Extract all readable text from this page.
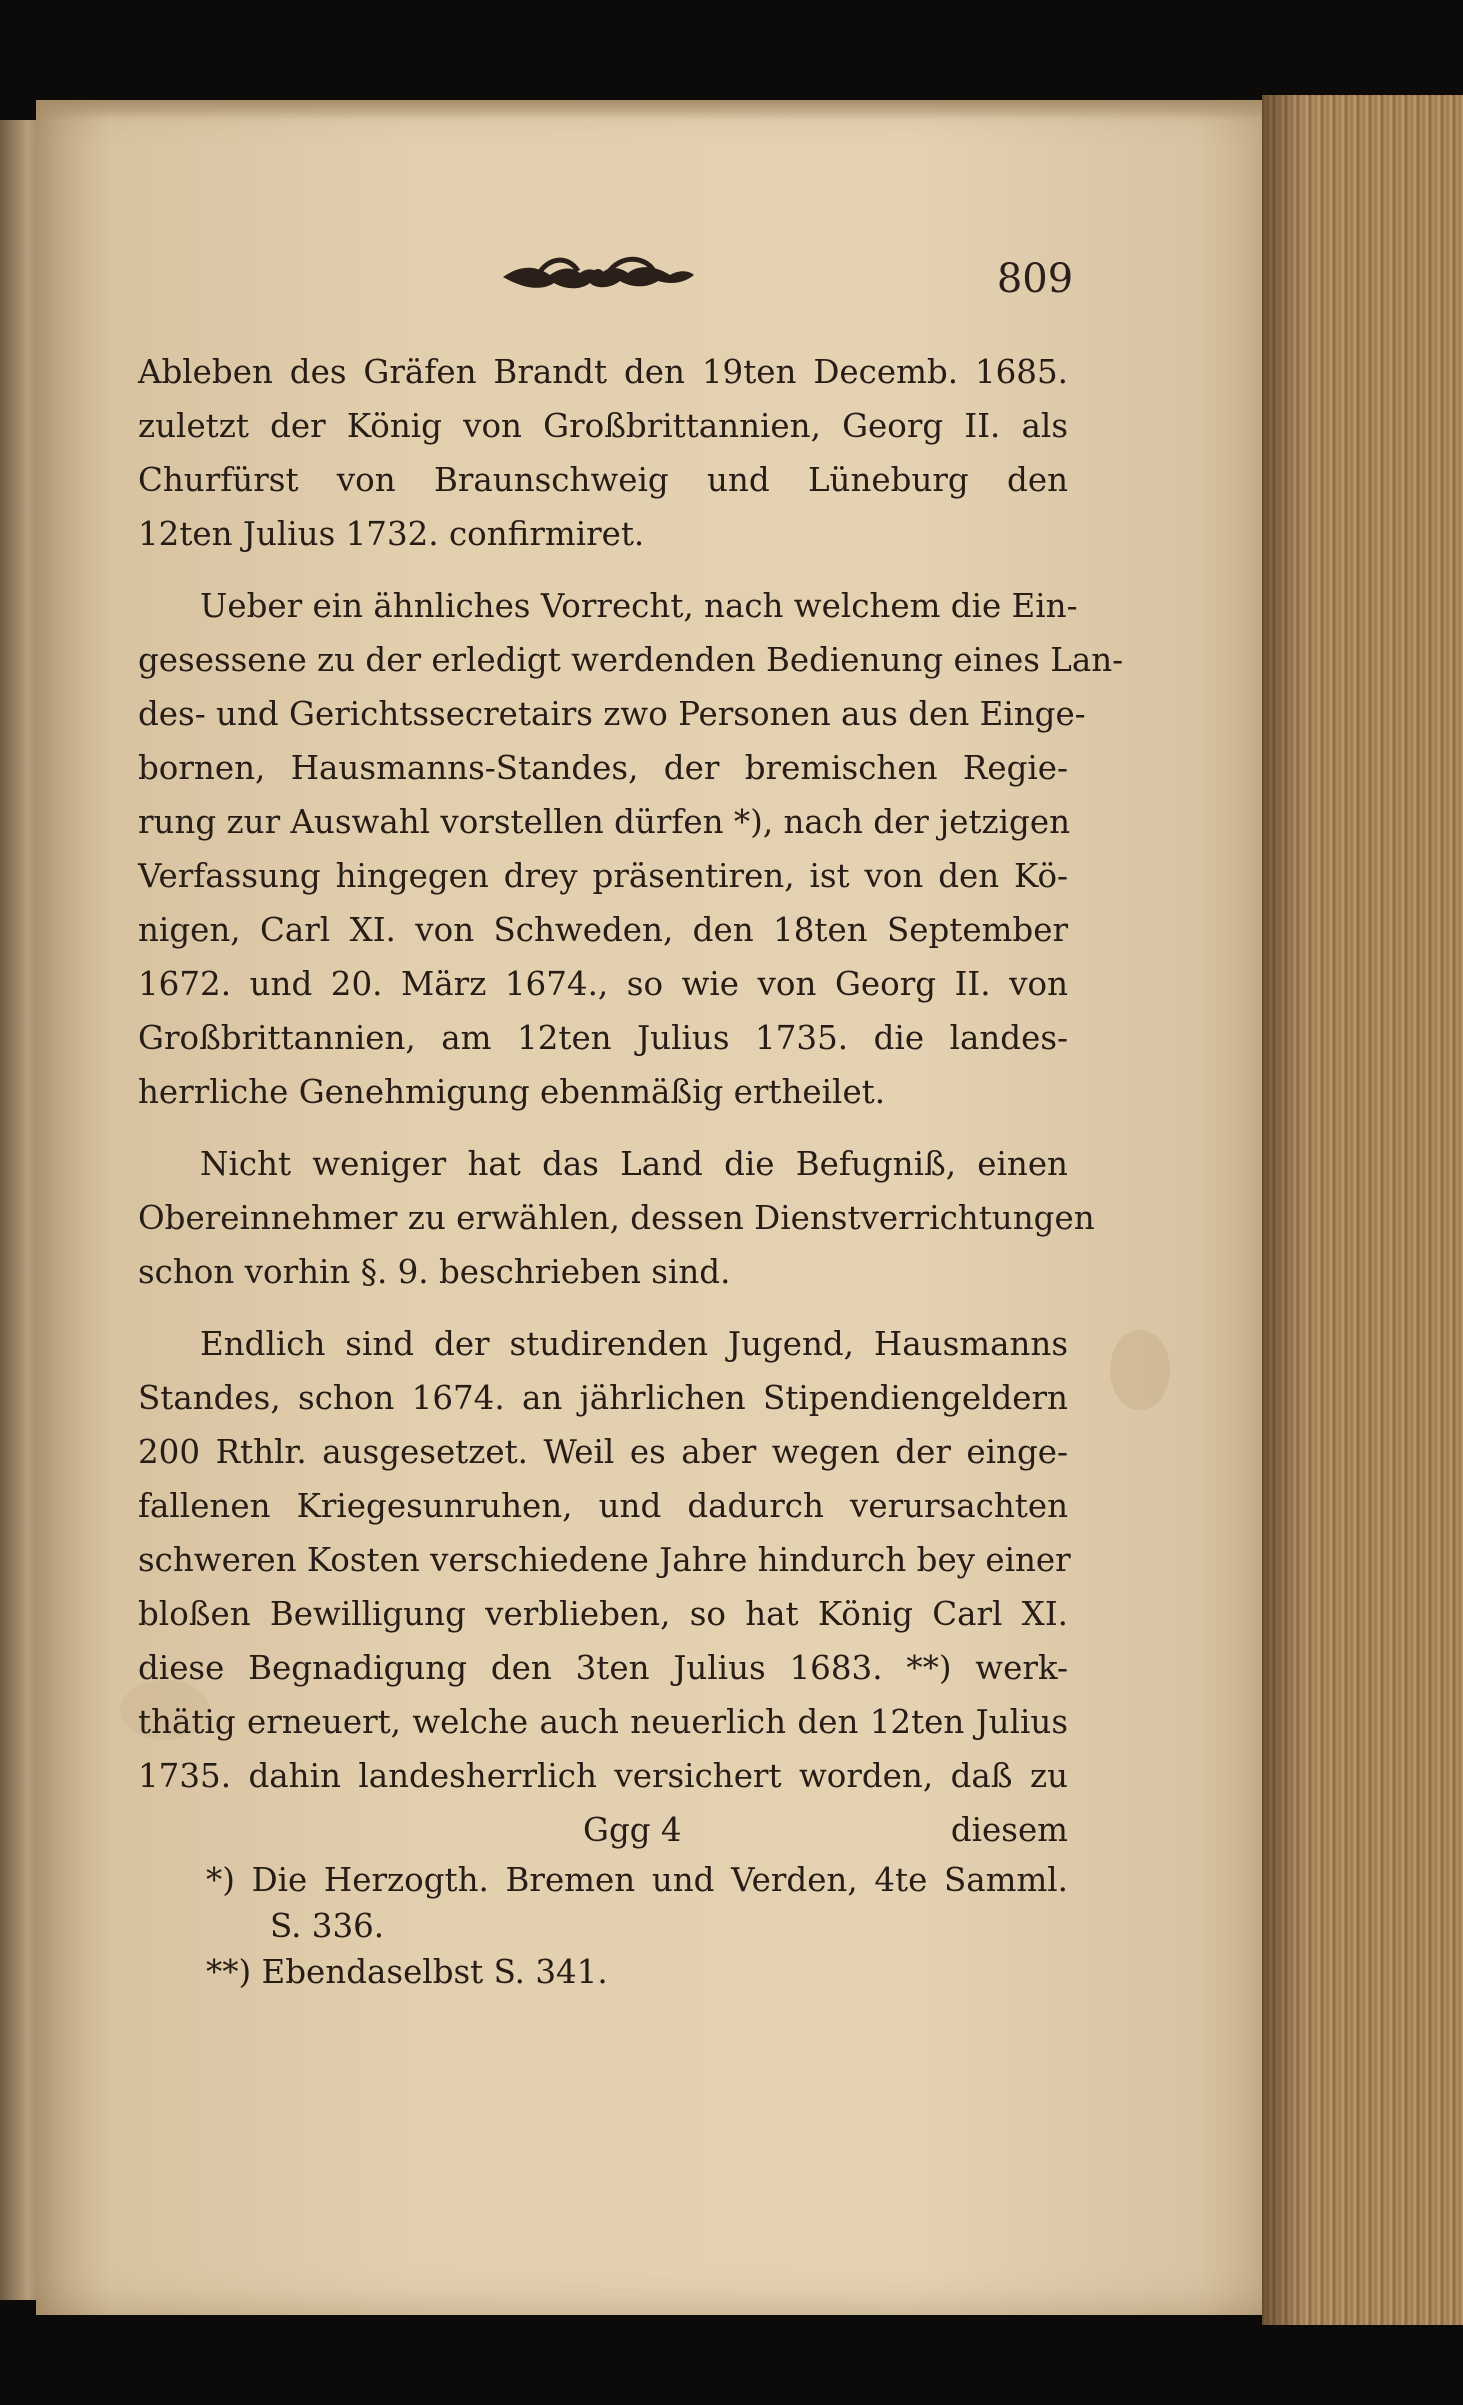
809
Ableben des Gräfen Brandt den 19ten Decemb. 1685.
zuletzt der König von Großbrittannien, Georg II. als
Churfürst von Braunschweig und Lüneburg den
12ten Julius 1732. confirmiret.
Ueber ein ähnliches Vorrecht, nach welchem die Ein-
gesessene zu der erledigt werdenden Bedienung eines Lan-
des- und Gerichtssecretairs zwo Personen aus den Einge-
bornen, Hausmanns-Standes, der bremischen Regie-
rung zur Auswahl vorstellen dürfen *), nach der jetzigen
Verfassung hingegen drey präsentiren, ist von den Kö-
nigen, Carl XI. von Schweden, den 18ten September
1672. und 20. März 1674., so wie von Georg II. von
Großbrittannien, am 12ten Julius 1735. die landes-
herrliche Genehmigung ebenmäßig ertheilet.
Nicht weniger hat das Land die Befugniß, einen
Obereinnehmer zu erwählen, dessen Dienstverrichtungen
schon vorhin §. 9. beschrieben sind.
Endlich sind der studirenden Jugend, Hausmanns
Standes, schon 1674. an jährlichen Stipendiengeldern
200 Rthlr. ausgesetzet. Weil es aber wegen der einge-
fallenen Kriegesunruhen, und dadurch verursachten
schweren Kosten verschiedene Jahre hindurch bey einer
bloßen Bewilligung verblieben, so hat König Carl XI.
diese Begnadigung den 3ten Julius 1683. **) werk-
thätig erneuert, welche auch neuerlich den 12ten Julius
1735. dahin landesherrlich versichert worden, daß zu
Ggg 4	diesem
*) Die Herzogth. Bremen und Verden, 4te Samml.
S. 336.
**) Ebendaselbst S. 341.
